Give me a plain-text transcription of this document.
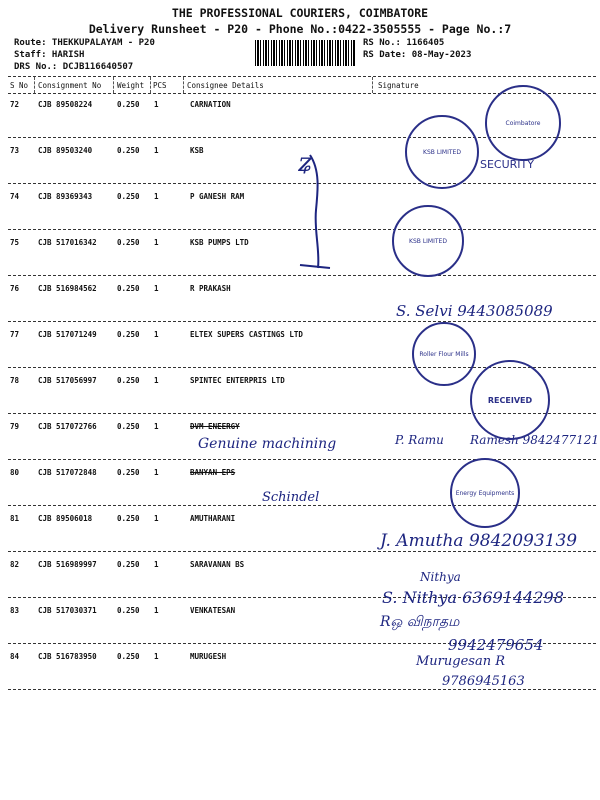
THE PROFESSIONAL COURIERS, COIMBATORE
Delivery Runsheet - P20 - Phone No.:0422-3505555 - Page No.:7
Route: THEKKUPALAYAM - P20
Staff: HARISH
DRS No.: DCJB116640507
RS No.: 1166405
RS Date: 08-May-2023
S No Consignment No Weight PCS	Consignee Details	Signature
72	CJB 89508224	0.250 1	CARNATION
73	CJB 89503240	0.250 1	KSB
74	CJB 89369343	0.250 1	P GANESH RAM
75	CJB 517016342	0.250 1	KSB PUMPS LTD
76	CJB 516984562	0.250 1	R PRAKASH
77	CJB 517071249	0.250 1	ELTEX SUPERS CASTINGS LTD
78	CJB 517056997	0.250 1	SPINTEC ENTERPRIS LTD
79	CJB 517072766	0.250 1	DVM ENEERGY
80	CJB 517072848	0.250 1	BANYAN EPS
81	CJB 89506018	0.250 1	AMUTHARANI
82	CJB 516989997	0.250 1	SARAVANAN BS
83	CJB 517030371	0.250 1	VENKATESAN
84	CJB 516783950	0.250 1	MURUGESH
ʑ
S. Selvi 9443085089
Genuine machining	P. Ramu Ramesh 9842477121
Schindel
J. Amutha 9842093139
Nithya
S. Nithya 6369144298
Rஒ விநாதம
9942479654
Murugesan R
9786945163
Coimbatore
KSB LIMITED
SECURITY
KSB LIMITED
Roller Flour Mills
RECEIVED
Energy Equipments
